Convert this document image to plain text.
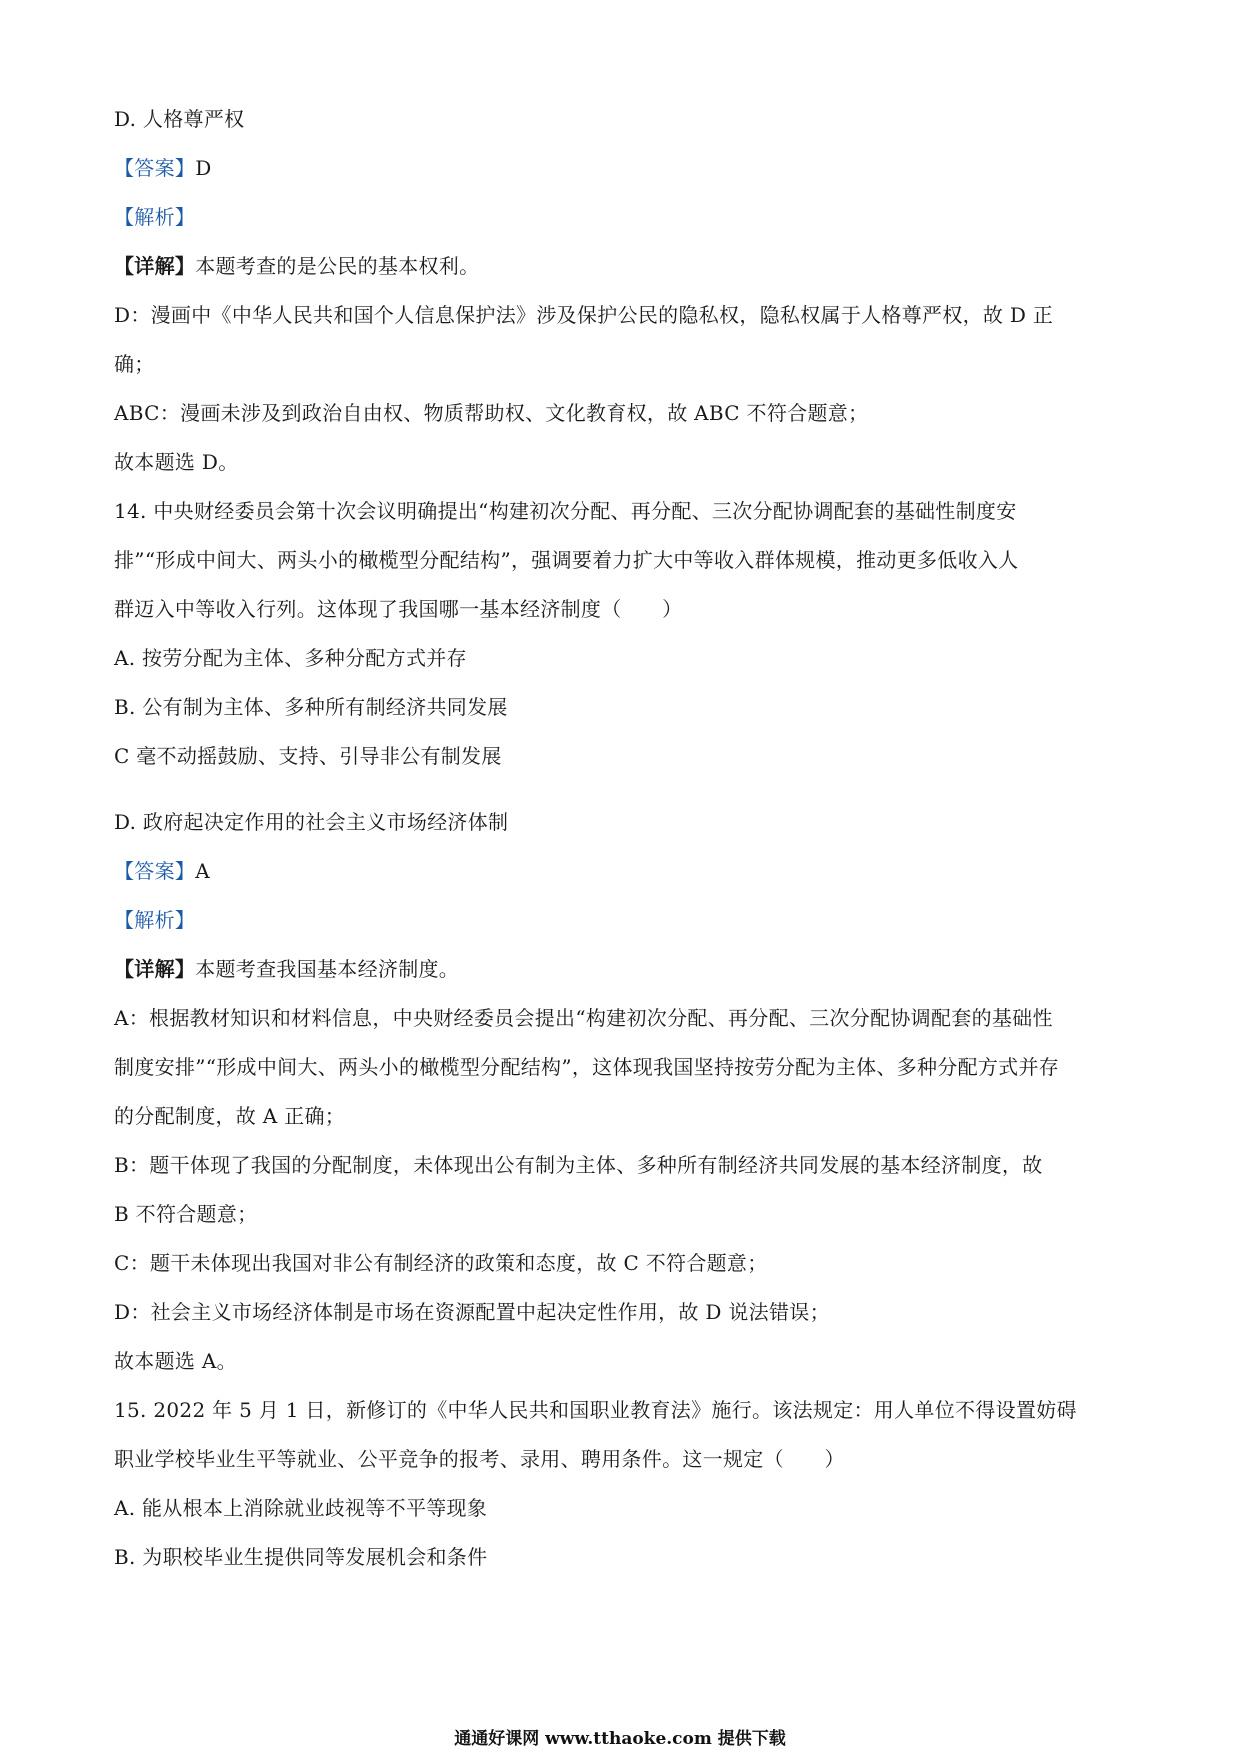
D. 人格尊严权
【答案】D
【解析】
【详解】本题考查的是公民的基本权利。
D：漫画中《中华人民共和国个人信息保护法》涉及保护公民的隐私权，隐私权属于人格尊严权，故 D 正
确；
ABC：漫画未涉及到政治自由权、物质帮助权、文化教育权，故 ABC 不符合题意；
故本题选 D。
14. 中央财经委员会第十次会议明确提出“构建初次分配、再分配、三次分配协调配套的基础性制度安
排”“形成中间大、两头小的橄榄型分配结构”，强调要着力扩大中等收入群体规模，推动更多低收入人
群迈入中等收入行列。这体现了我国哪一基本经济制度（　　）
A. 按劳分配为主体、多种分配方式并存
B. 公有制为主体、多种所有制经济共同发展
C 毫不动摇鼓励、支持、引导非公有制发展
D. 政府起决定作用的社会主义市场经济体制
【答案】A
【解析】
【详解】本题考查我国基本经济制度。
A：根据教材知识和材料信息，中央财经委员会提出“构建初次分配、再分配、三次分配协调配套的基础性
制度安排”“形成中间大、两头小的橄榄型分配结构”，这体现我国坚持按劳分配为主体、多种分配方式并存
的分配制度，故 A 正确；
B：题干体现了我国的分配制度，未体现出公有制为主体、多种所有制经济共同发展的基本经济制度，故
B 不符合题意；
C：题干未体现出我国对非公有制经济的政策和态度，故 C 不符合题意；
D：社会主义市场经济体制是市场在资源配置中起决定性作用，故 D 说法错误；
故本题选 A。
15. 2022 年 5 月 1 日，新修订的《中华人民共和国职业教育法》施行。该法规定：用人单位不得设置妨碍
职业学校毕业生平等就业、公平竞争的报考、录用、聘用条件。这一规定（　　）
A. 能从根本上消除就业歧视等不平等现象
B. 为职校毕业生提供同等发展机会和条件
通通好课网 www.tthaoke.com 提供下载
